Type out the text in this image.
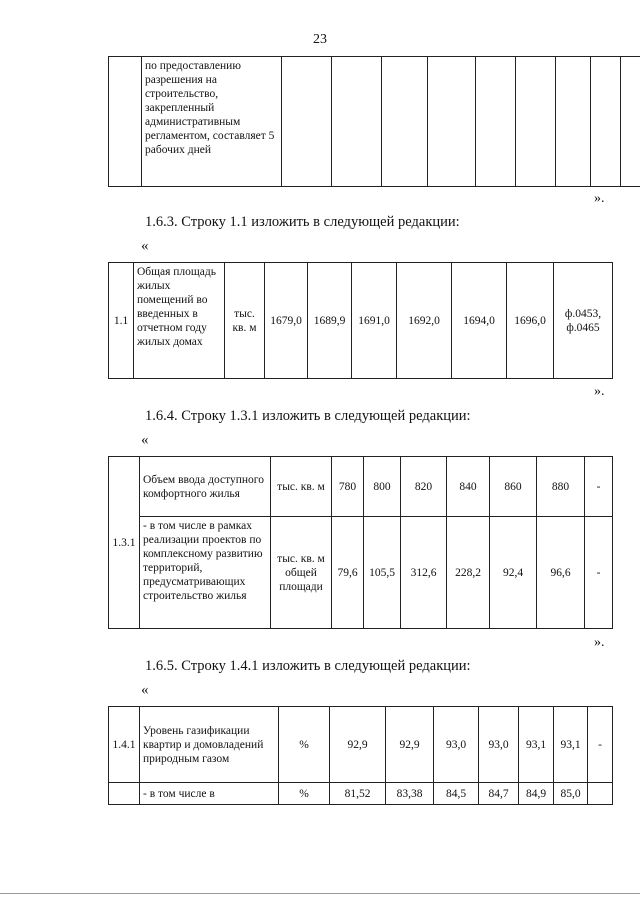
23
	по предоставлению разрешения на строительство, закрепленный административным регламентом, составляет 5 рабочих дней									
».
1.6.3. Строку 1.1 изложить в следующей редакции:
«
1.1	Общая площадь жилых помещений во введенных в отчетном году жилых домах	тыс. кв. м	1679,0	1689,9	1691,0	1692,0	1694,0	1696,0	ф.0453, ф.0465
».
1.6.4. Строку 1.3.1 изложить в следующей редакции:
«
1.3.1	Объем ввода доступного комфортного жилья	тыс. кв. м	780	800	820	840	860	880	-
	- в том числе в рамках реализации проектов по комплексному развитию территорий, предусматривающих строительство жилья	тыс. кв. м общей площади	79,6	105,5	312,6	228,2	92,4	96,6	-
».
1.6.5. Строку 1.4.1 изложить в следующей редакции:
«
1.4.1	Уровень газификации квартир и домовладений природным газом	%	92,9	92,9	93,0	93,0	93,1	93,1	-
	- в том числе в	%	81,52	83,38	84,5	84,7	84,9	85,0	
